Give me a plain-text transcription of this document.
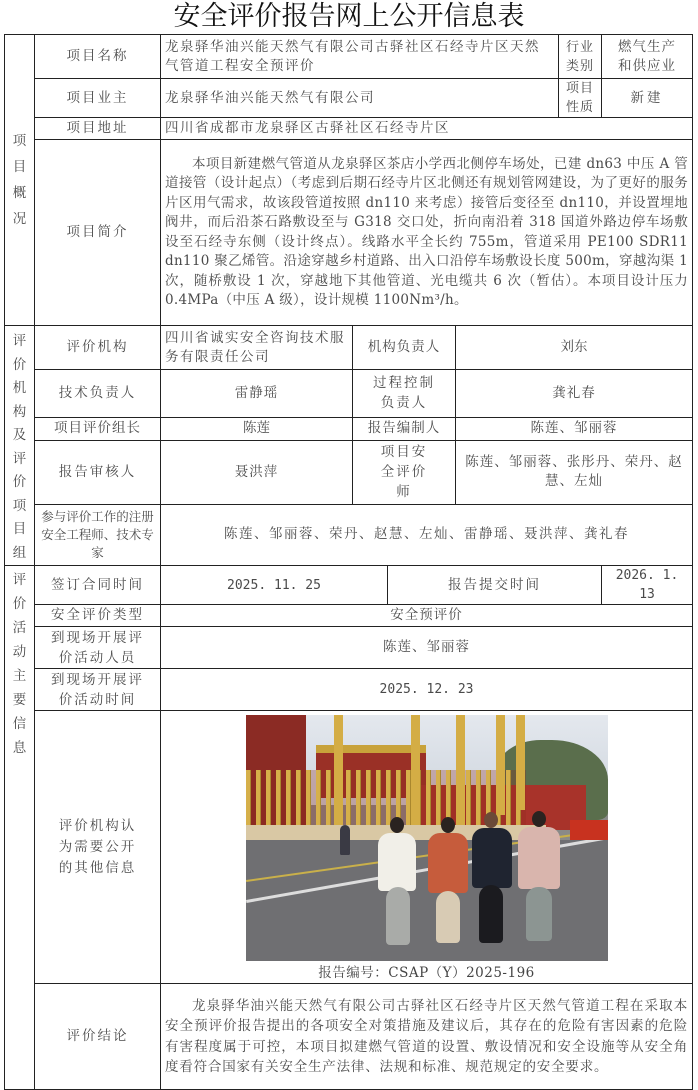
安全评价报告网上公开信息表
项
目
概
况	项目名称	龙泉驿华油兴能天然气有限公司古驿社区石经寺片区天然气管道工程安全预评价				行业类别	燃气生产和供应业
	项目业主	龙泉驿华油兴能天然气有限公司				项目性质	新建
	项目地址	四川省成都市龙泉驿区古驿社区石经寺片区					
	项目简介	本项目新建燃气管道从龙泉驿区茶店小学西北侧停车场处，已建 dn63 中压 A 管道接管（设计起点）（考虑到后期石经寺片区北侧还有规划管网建设，为了更好的服务片区用气需求，故该段管道按照 dn110 来考虑）接管后变径至 dn110，并设置埋地阀井，而后沿茶石路敷设至与 G318 交口处，折向南沿着 318 国道外路边停车场敷设至石经寺东侧（设计终点）。线路水平全长约 755m，管道采用 PE100 SDR11 dn110 聚乙烯管。沿途穿越乡村道路、出入口沿停车场敷设长度 500m，穿越沟渠 1 次，随桥敷设 1 次，穿越地下其他管道、光电缆共 6 次（暂估）。本项目设计压力 0.4MPa（中压 A 级），设计规模 1100Nm³/h。					

评
价
机
构
及
评
价
项
目
组
	评价机构	四川省诚实安全咨询技术服务有限责任公司	机构负责人	刘东
	技术负责人	雷静瑶	过程控制负责人		龚礼春		
	项目评价组长	陈莲	报告编制人		陈莲、邹丽蓉		
	报告审核人	聂洪萍	项目安全评价师		陈莲、邹丽蓉、张彤丹、荣丹、赵慧、左灿		
	参与评价工作的注册安全工程师、技术专家	陈莲、邹丽蓉、荣丹、赵慧、左灿、雷静瑶、聂洪萍、龚礼春					

评
价
活
动
主
要
信
息
	签订合同时间	2025. 11. 25	报告提交时间	2026. 1. 13
	安全评价类型	安全预评价					
	到现场开展评价活动人员	陈莲、邹丽蓉					
	到现场开展评价活动时间	2025. 12. 23					
	评价机构认为需要公开的其他信息	报告编号：CSAP（Y）2025-196					

	评价结论	龙泉驿华油兴能天然气有限公司古驿社区石经寺片区天然气管道工程在采取本安全预评价报告提出的各项安全对策措施及建议后，其存在的危险有害因素的危险有害程度属于可控，本项目拟建燃气管道的设置、敷设情况和安全设施等从安全角度看符合国家有关安全生产法律、法规和标准、规范规定的安全要求。					
